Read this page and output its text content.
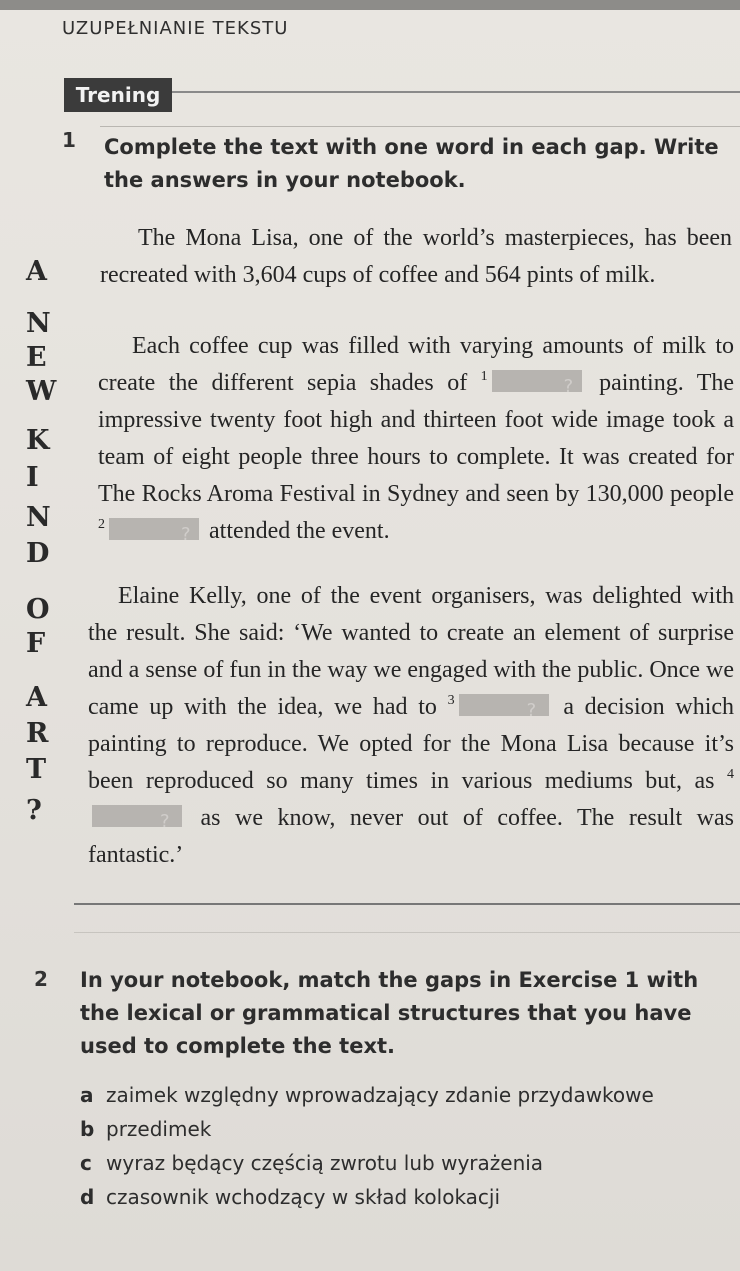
UZUPEŁNIANIE TEKSTU
Trening
1 Complete the text with one word in each gap. Write the answers in your notebook.
A
N
E
W
K
I
N
D
O
F
A
R
T
?
The Mona Lisa, one of the world’s masterpieces, has been recreated with 3,604 cups of coffee and 564 pints of milk.
Each coffee cup was filled with varying amounts of milk to create the different sepia shades of $^1$ ?	painting. The impressive twenty foot high and thirteen foot wide image took a team of eight people three hours to complete. It was created for The Rocks Aroma Festival in Sydney and seen by 130,000 people $^2$ ?	attended the event.
Elaine Kelly, one of the event organisers, was delighted with the result. She said: ‘We wanted to create an element of surprise and a sense of fun in the way we engaged with the public. Once we came up with the idea, we had to $^3$ ?	a decision which painting to reproduce. We opted for the Mona Lisa because it’s been reproduced so many times in various mediums but, as $^4$? as we know, never out of coffee. The result was fantastic.’
2 In your notebook, match the gaps in Exercise 1 with the lexical or grammatical structures that you have used to complete the text.
a zaimek względny wprowadzający zdanie przydawkowe
b przedimek
c wyraz będący częścią zwrotu lub wyrażenia
d czasownik wchodzący w skład kolokacji
